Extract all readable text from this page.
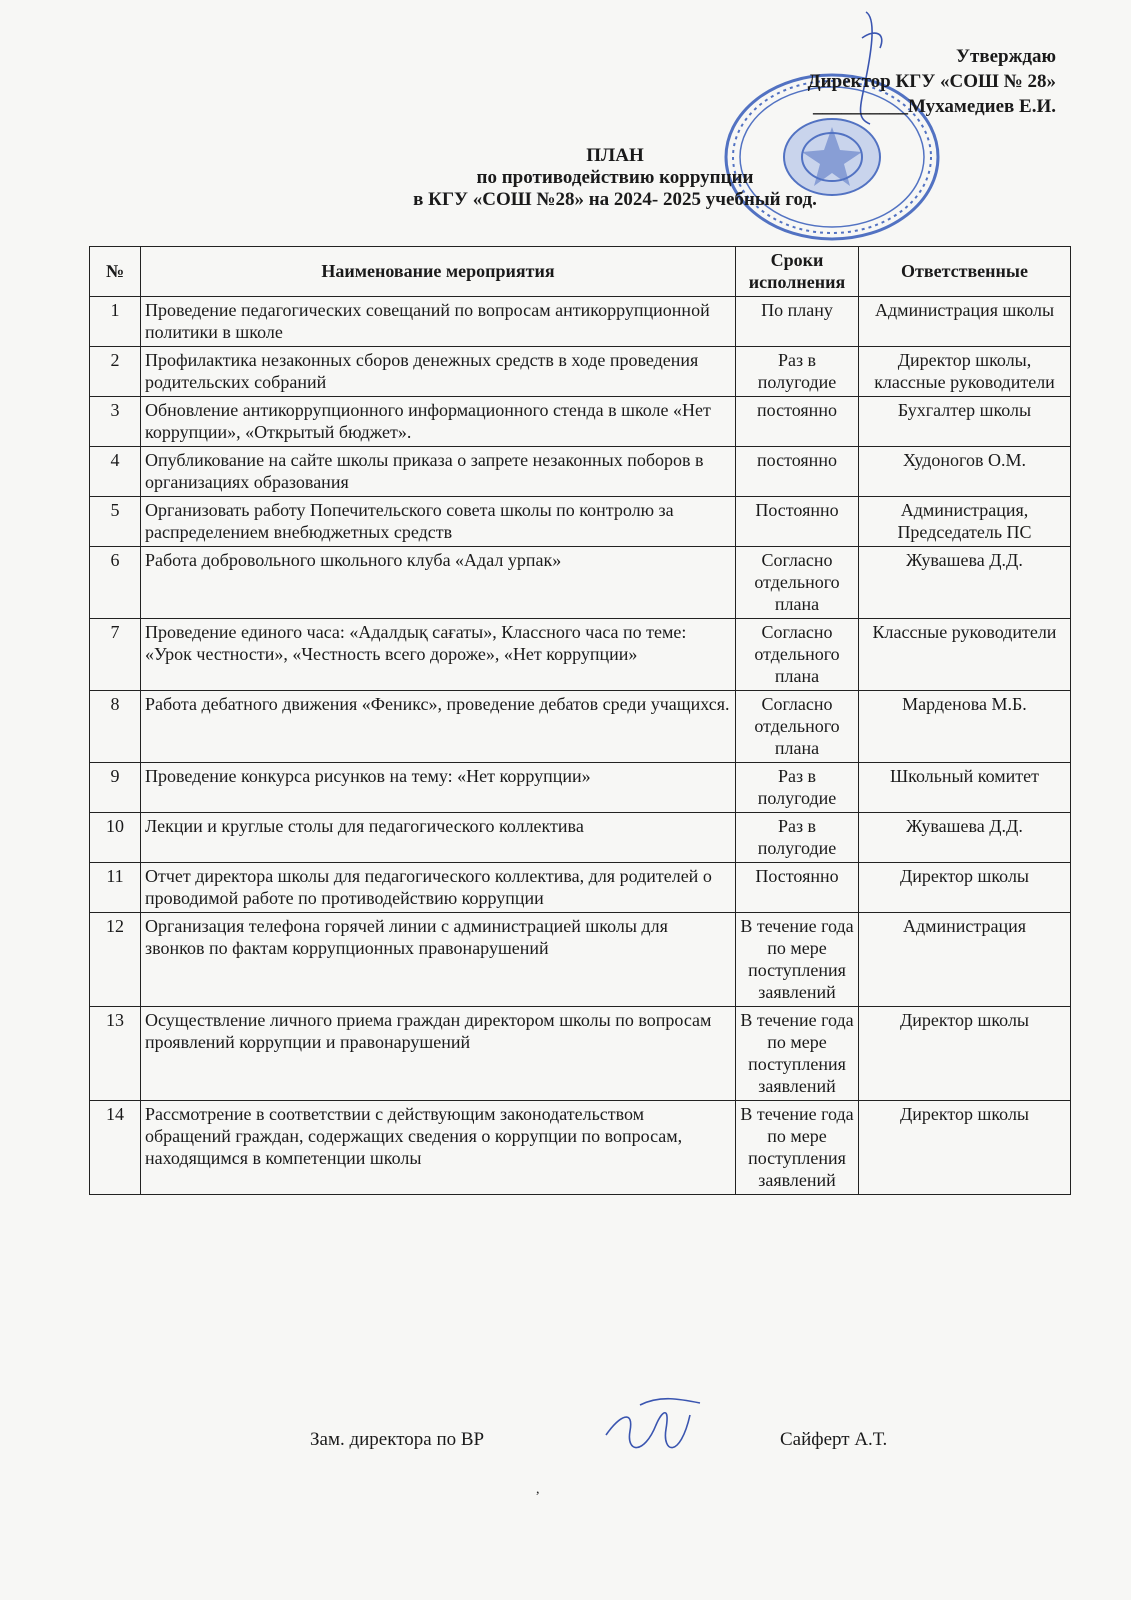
Утверждаю
Директор КГУ «СОШ № 28»
__________Мухамедиев Е.И.
ПЛАН
по противодействию коррупции
в КГУ «СОШ №28» на 2024- 2025 учебный год.
№	Наименование мероприятия	Сроки исполнения	Ответственные
1	Проведение педагогических совещаний по вопросам антикоррупционной политики в школе	По плану	Администрация школы
2	Профилактика незаконных сборов денежных средств в ходе проведения родительских собраний	Раз в полугодие	Директор школы, классные руководители
3	Обновление антикоррупционного информационного стенда в школе «Нет коррупции», «Открытый бюджет».	постоянно	Бухгалтер школы
4	Опубликование на сайте школы приказа о запрете незаконных поборов в организациях образования	постоянно	Худоногов О.М.
5	Организовать работу Попечительского совета школы по контролю за распределением внебюджетных средств	Постоянно	Администрация, Председатель ПС
6	Работа добровольного школьного клуба «Адал урпак»	Согласно отдельного плана	Жувашева Д.Д.
7	Проведение единого часа: «Адалдық сағаты», Классного часа по теме: «Урок честности», «Честность всего дороже», «Нет коррупции»	Согласно отдельного плана	Классные руководители
8	Работа дебатного движения «Феникс», проведение дебатов среди учащихся.	Согласно отдельного плана	Марденова М.Б.
9	Проведение конкурса рисунков на тему: «Нет коррупции»	Раз в полугодие	Школьный комитет
10	Лекции и круглые столы для педагогического коллектива	Раз в полугодие	Жувашева Д.Д.
11	Отчет директора школы для педагогического коллектива, для родителей о проводимой работе по противодействию коррупции	Постоянно	Директор школы
12	Организация телефона горячей линии с администрацией школы для звонков по фактам коррупционных правонарушений	В течение года по мере поступления заявлений	Администрация
13	Осуществление личного приема граждан директором школы по вопросам проявлений коррупции и правонарушений	В течение года по мере поступления заявлений	Директор школы
14	Рассмотрение в соответствии с действующим законодательством обращений граждан, содержащих сведения о коррупции по вопросам, находящимся в компетенции школы	В течение года по мере поступления заявлений	Директор школы
Зам. директора по ВР	Сайферт А.Т.
,
